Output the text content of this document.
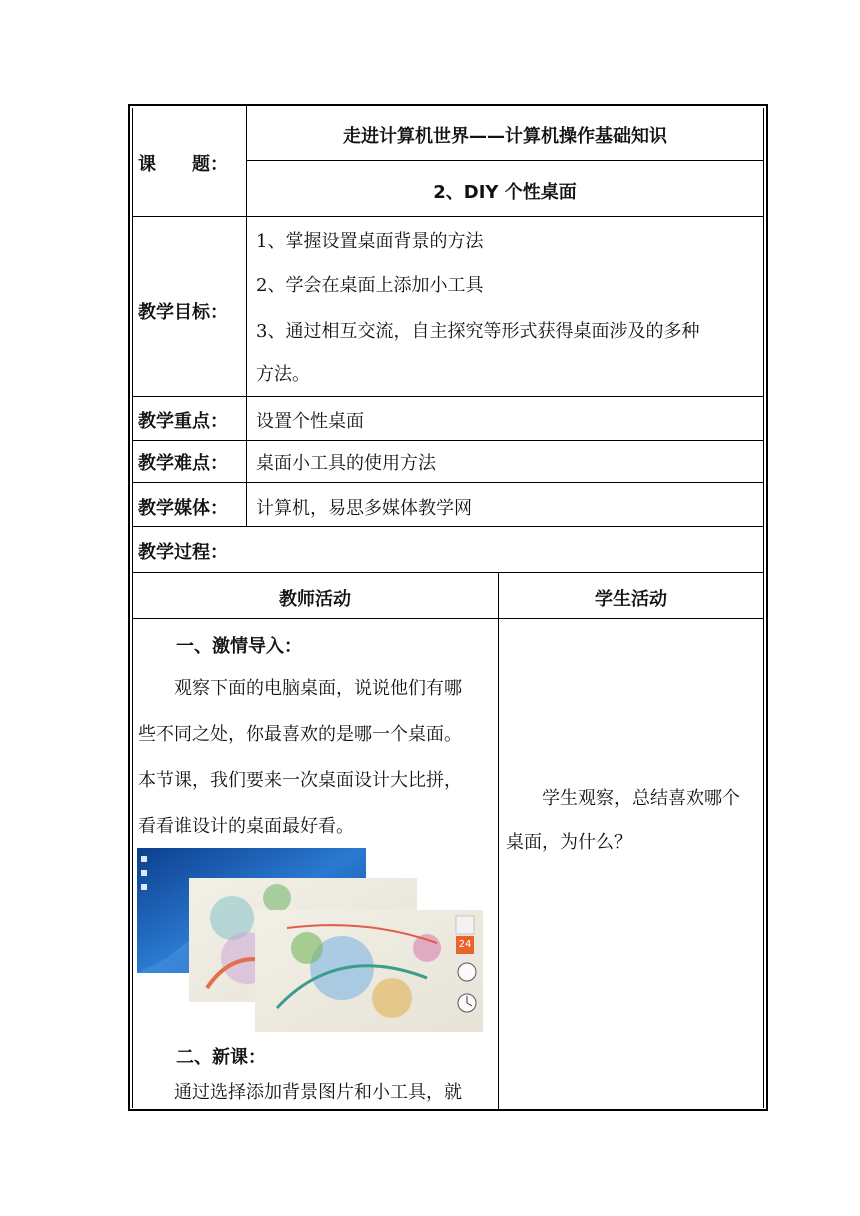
课　　题：
走进计算机世界——计算机操作基础知识
2、DIY 个性桌面
教学目标：
1、掌握设置桌面背景的方法
2、学会在桌面上添加小工具
3、通过相互交流，自主探究等形式获得桌面涉及的多种
方法。
教学重点： 设置个性桌面
教学难点： 桌面小工具的使用方法
教学媒体： 计算机，易思多媒体教学网
教学过程：
教师活动	学生活动
一、激情导入：
　　观察下面的电脑桌面，说说他们有哪
些不同之处，你最喜欢的是哪一个桌面。
本节课，我们要来一次桌面设计大比拼，
看看谁设计的桌面最好看。
24
二、新课：
　　通过选择添加背景图片和小工具，就
　　学生观察，总结喜欢哪个
桌面，为什么？
